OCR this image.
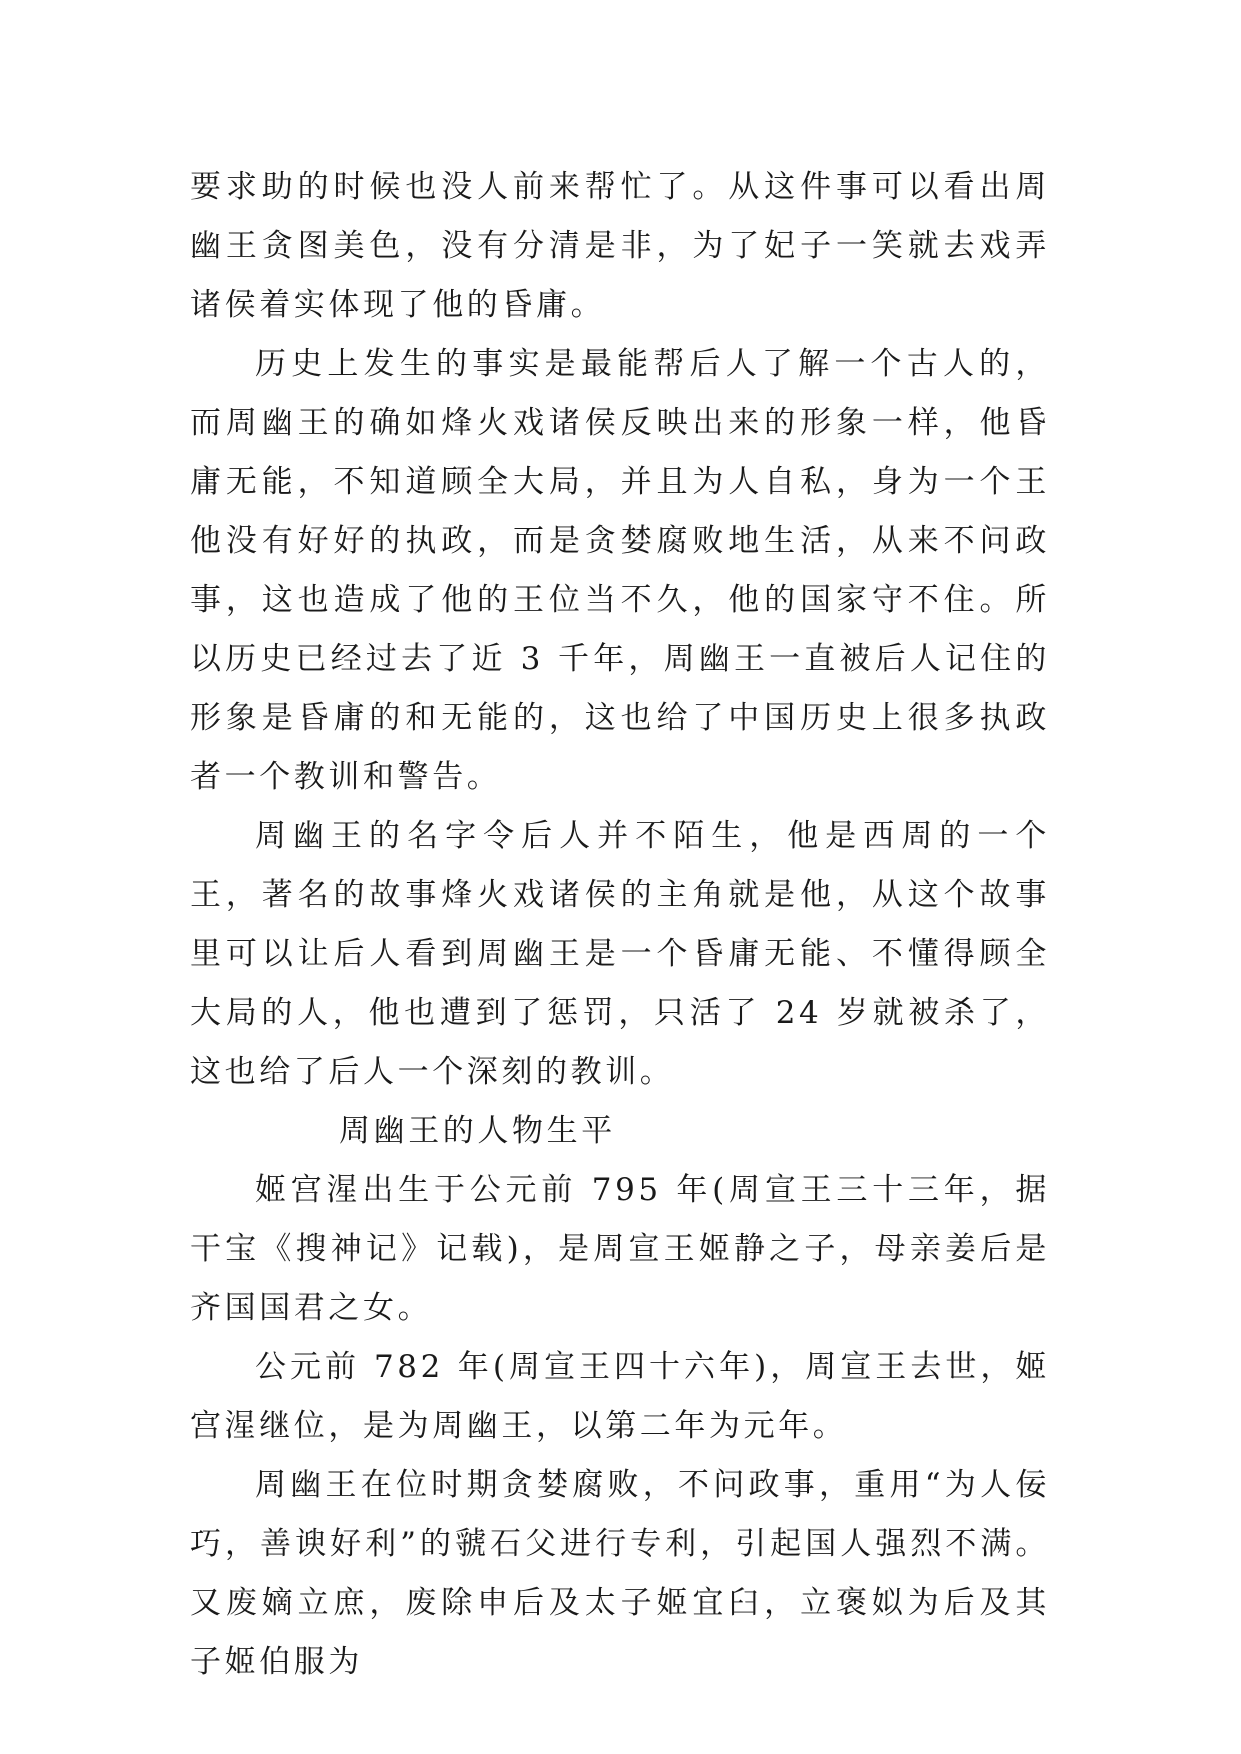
要求助的时候也没人前来帮忙了。从这件事可以看出周幽王贪图美色，没有分清是非，为了妃子一笑就去戏弄诸侯着实体现了他的昏庸。

历史上发生的事实是最能帮后人了解一个古人的，而周幽王的确如烽火戏诸侯反映出来的形象一样，他昏庸无能，不知道顾全大局，并且为人自私，身为一个王他没有好好的执政，而是贪婪腐败地生活，从来不问政事，这也造成了他的王位当不久，他的国家守不住。所以历史已经过去了近 3 千年，周幽王一直被后人记住的形象是昏庸的和无能的，这也给了中国历史上很多执政者一个教训和警告。

周幽王的名字令后人并不陌生，他是西周的一个王，著名的故事烽火戏诸侯的主角就是他，从这个故事里可以让后人看到周幽王是一个昏庸无能、不懂得顾全大局的人，他也遭到了惩罚，只活了 24 岁就被杀了，这也给了后人一个深刻的教训。

周幽王的人物生平

姬宫湦出生于公元前 795 年(周宣王三十三年，据干宝《搜神记》记载)，是周宣王姬静之子，母亲姜后是齐国国君之女。

公元前 782 年(周宣王四十六年)，周宣王去世，姬宫湦继位，是为周幽王，以第二年为元年。

周幽王在位时期贪婪腐败，不问政事，重用“为人佞巧，善谀好利”的虢石父进行专利，引起国人强烈不满。又废嫡立庶，废除申后及太子姬宜臼，立褒姒为后及其子姬伯服为
